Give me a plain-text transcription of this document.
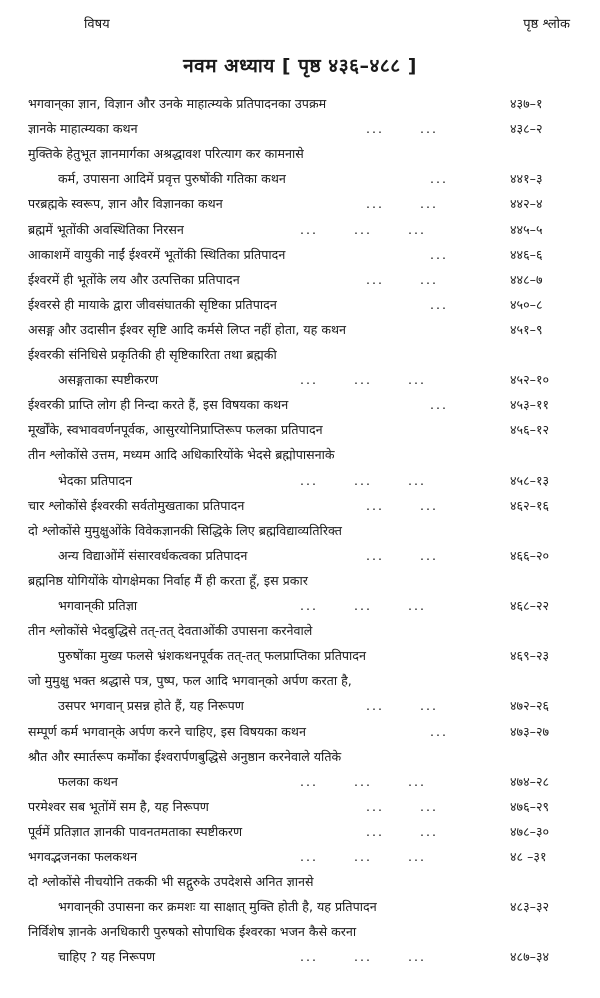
विषय	पृष्ठ श्लोक
नवम अध्याय [ पृष्ठ ४३६–४८८ ]
भगवान्‌का ज्ञान, विज्ञान और उनके माहात्म्यके प्रतिपादनका उपक्रम	४३७–१
ज्ञानके माहात्म्यका कथन	... ...	४३८–२
मुक्तिके हेतुभूत ज्ञानमार्गका अश्रद्धावश परित्याग कर कामनासे
कर्म, उपासना आदिमें प्रवृत्त पुरुषोंकी गतिका कथन	...	४४१–३
परब्रह्मके स्वरूप, ज्ञान और विज्ञानका कथन	... ...	४४२–४
ब्रह्ममें भूतोंकी अवस्थितिका निरसन	... ... ...	४४५–५
आकाशमें वायुकी नाईं ईश्वरमें भूतोंकी स्थितिका प्रतिपादन	...	४४६–६
ईश्वरमें ही भूतोंके लय और उत्पत्तिका प्रतिपादन	... ...	४४८–७
ईश्वरसे ही मायाके द्वारा जीवसंघातकी सृष्टिका प्रतिपादन	...	४५०–८
असङ्ग और उदासीन ईश्वर सृष्टि आदि कर्मसे लिप्त नहीं होता, यह कथन	४५१–९
ईश्वरकी संनिधिसे प्रकृतिकी ही सृष्टिकारिता तथा ब्रह्मकी
असङ्गताका स्पष्टीकरण	... ... ...	४५२–१०
ईश्वरकी प्राप्ति लोग ही निन्दा करते हैं, इस विषयका कथन	...	४५३–११
मूर्खोंके, स्वभाववर्णनपूर्वक, आसुरयोनिप्राप्तिरूप फलका प्रतिपादन	४५६–१२
तीन श्लोकोंसे उत्तम, मध्यम आदि अधिकारियोंके भेदसे ब्रह्मोपासनाके
भेदका प्रतिपादन	... ... ...	४५८–१३
चार श्लोकोंसे ईश्वरकी सर्वतोमुखताका प्रतिपादन	... ...	४६२–१६
दो श्लोकोंसे मुमुक्षुओंके विवेकज्ञानकी सिद्धिके लिए ब्रह्मविद्याव्यतिरिक्त
अन्य विद्याओंमें संसारवर्धकत्वका प्रतिपादन	... ...	४६६–२०
ब्रह्मनिष्ठ योगियोंके योगक्षेमका निर्वाह मैं ही करता हूँ, इस प्रकार
भगवान्‌की प्रतिज्ञा	... ... ...	४६८–२२
तीन श्लोकोंसे भेदबुद्धिसे तत्-तत् देवताओंकी उपासना करनेवाले
पुरुषोंका मुख्य फलसे भ्रंशकथनपूर्वक तत्-तत् फलप्राप्तिका प्रतिपादन	४६९–२३
जो मुमुक्षु भक्त श्रद्धासे पत्र, पुष्प, फल आदि भगवान्‌को अर्पण करता है,
उसपर भगवान् प्रसन्न होते हैं, यह निरूपण	... ...	४७२–२६
सम्पूर्ण कर्म भगवान्‌के अर्पण करने चाहिए, इस विषयका कथन	...	४७३–२७
श्रौत और स्मार्तरूप कर्मोंका ईश्वरार्पणबुद्धिसे अनुष्ठान करनेवाले यतिके
फलका कथन	... ... ...	४७४–२८
परमेश्वर सब भूतोंमें सम है, यह निरूपण	... ...	४७६–२९
पूर्वमें प्रतिज्ञात ज्ञानकी पावनतमताका स्पष्टीकरण	... ...	४७८–३०
भगवद्भजनका फलकथन	... ... ...	४८ –३१
दो श्लोकोंसे नीचयोनि तककी भी सद्गुरुके उपदेशसे अनित ज्ञानसे
भगवान्‌की उपासना कर क्रमशः या साक्षात् मुक्ति होती है, यह प्रतिपादन	४८३–३२
निर्विशेष ज्ञानके अनधिकारी पुरुषको सोपाधिक ईश्वरका भजन कैसे करना
चाहिए ? यह निरूपण	... ... ...	४८७–३४
